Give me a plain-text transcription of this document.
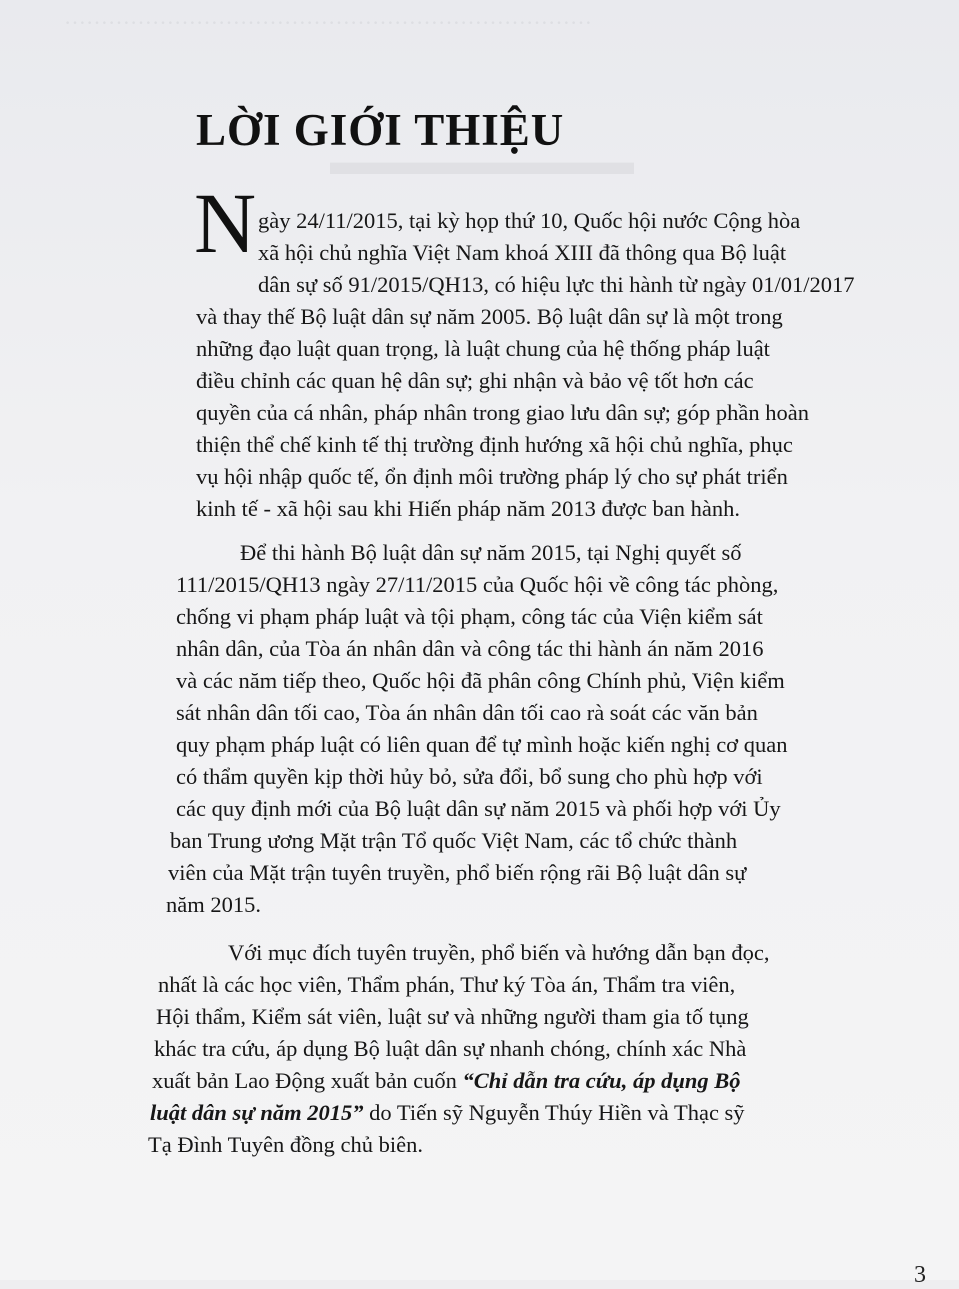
………………………………………………………………
▬▬▬▬▬▬▬▬
LỜI GIỚI THIỆU
N gày 24/11/2015, tại kỳ họp thứ 10, Quốc hội nước Cộng hòa
xã hội chủ nghĩa Việt Nam khoá XIII đã thông qua Bộ luật
dân sự số 91/2015/QH13, có hiệu lực thi hành từ ngày 01/01/2017
và thay thế Bộ luật dân sự năm 2005. Bộ luật dân sự là một trong
những đạo luật quan trọng, là luật chung của hệ thống pháp luật
điều chỉnh các quan hệ dân sự; ghi nhận và bảo vệ tốt hơn các
quyền của cá nhân, pháp nhân trong giao lưu dân sự; góp phần hoàn
thiện thể chế kinh tế thị trường định hướng xã hội chủ nghĩa, phục
vụ hội nhập quốc tế, ổn định môi trường pháp lý cho sự phát triển
kinh tế - xã hội sau khi Hiến pháp năm 2013 được ban hành.
Để thi hành Bộ luật dân sự năm 2015, tại Nghị quyết số
111/2015/QH13 ngày 27/11/2015 của Quốc hội về công tác phòng,
chống vi phạm pháp luật và tội phạm, công tác của Viện kiểm sát
nhân dân, của Tòa án nhân dân và công tác thi hành án năm 2016
và các năm tiếp theo, Quốc hội đã phân công Chính phủ, Viện kiểm
sát nhân dân tối cao, Tòa án nhân dân tối cao rà soát các văn bản
quy phạm pháp luật có liên quan để tự mình hoặc kiến nghị cơ quan
có thẩm quyền kịp thời hủy bỏ, sửa đổi, bổ sung cho phù hợp với
các quy định mới của Bộ luật dân sự năm 2015 và phối hợp với Ủy
ban Trung ương Mặt trận Tổ quốc Việt Nam, các tổ chức thành
viên của Mặt trận tuyên truyền, phổ biến rộng rãi Bộ luật dân sự
năm 2015.
Với mục đích tuyên truyền, phổ biến và hướng dẫn bạn đọc,
nhất là các học viên, Thẩm phán, Thư ký Tòa án, Thẩm tra viên,
Hội thẩm, Kiểm sát viên, luật sư và những người tham gia tố tụng
khác tra cứu, áp dụng Bộ luật dân sự nhanh chóng, chính xác Nhà
xuất bản Lao Động xuất bản cuốn “Chỉ dẫn tra cứu, áp dụng Bộ
luật dân sự năm 2015” do Tiến sỹ Nguyễn Thúy Hiền và Thạc sỹ
Tạ Đình Tuyên đồng chủ biên.
3
